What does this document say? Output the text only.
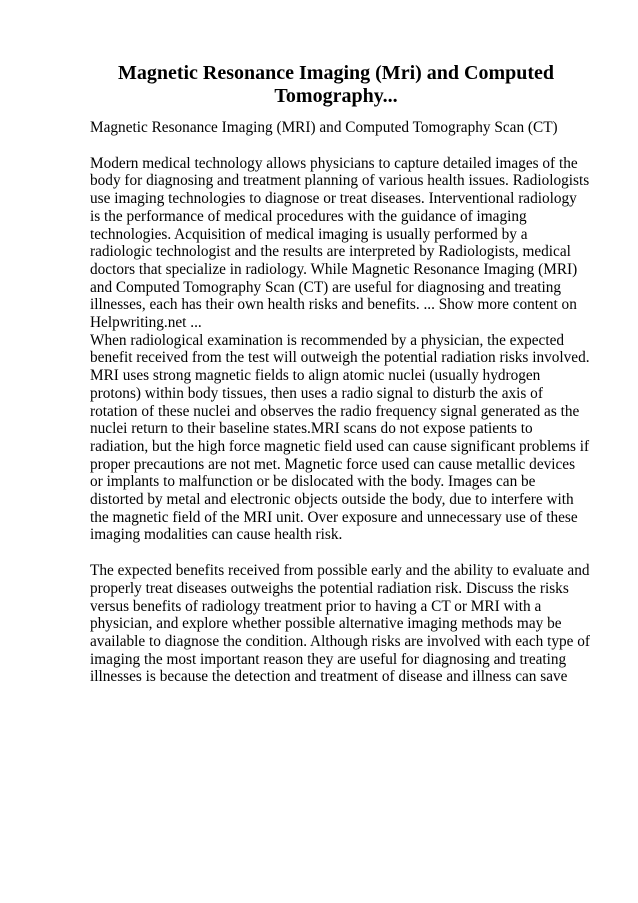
Magnetic Resonance Imaging (Mri) and Computed Tomography...

Magnetic Resonance Imaging (MRI) and Computed Tomography Scan (CT)

Modern medical technology allows physicians to capture detailed images of the body for diagnosing and treatment planning of various health issues. Radiologists use imaging technologies to diagnose or treat diseases. Interventional radiology is the performance of medical procedures with the guidance of imaging technologies. Acquisition of medical imaging is usually performed by a radiologic technologist and the results are interpreted by Radiologists, medical doctors that specialize in radiology. While Magnetic Resonance Imaging (MRI) and Computed Tomography Scan (CT) are useful for diagnosing and treating illnesses, each has their own health risks and benefits. ... Show more content on Helpwriting.net ...

When radiological examination is recommended by a physician, the expected benefit received from the test will outweigh the potential radiation risks involved. MRI uses strong magnetic fields to align atomic nuclei (usually hydrogen protons) within body tissues, then uses a radio signal to disturb the axis of rotation of these nuclei and observes the radio frequency signal generated as the nuclei return to their baseline states.MRI scans do not expose patients to radiation, but the high force magnetic field used can cause significant problems if proper precautions are not met. Magnetic force used can cause metallic devices or implants to malfunction or be dislocated with the body. Images can be distorted by metal and electronic objects outside the body, due to interfere with the magnetic field of the MRI unit. Over exposure and unnecessary use of these imaging modalities can cause health risk.

The expected benefits received from possible early and the ability to evaluate and properly treat diseases outweighs the potential radiation risk. Discuss the risks versus benefits of radiology treatment prior to having a CT or MRI with a physician, and explore whether possible alternative imaging methods may be available to diagnose the condition. Although risks are involved with each type of imaging the most important reason they are useful for diagnosing and treating illnesses is because the detection and treatment of disease and illness can save
